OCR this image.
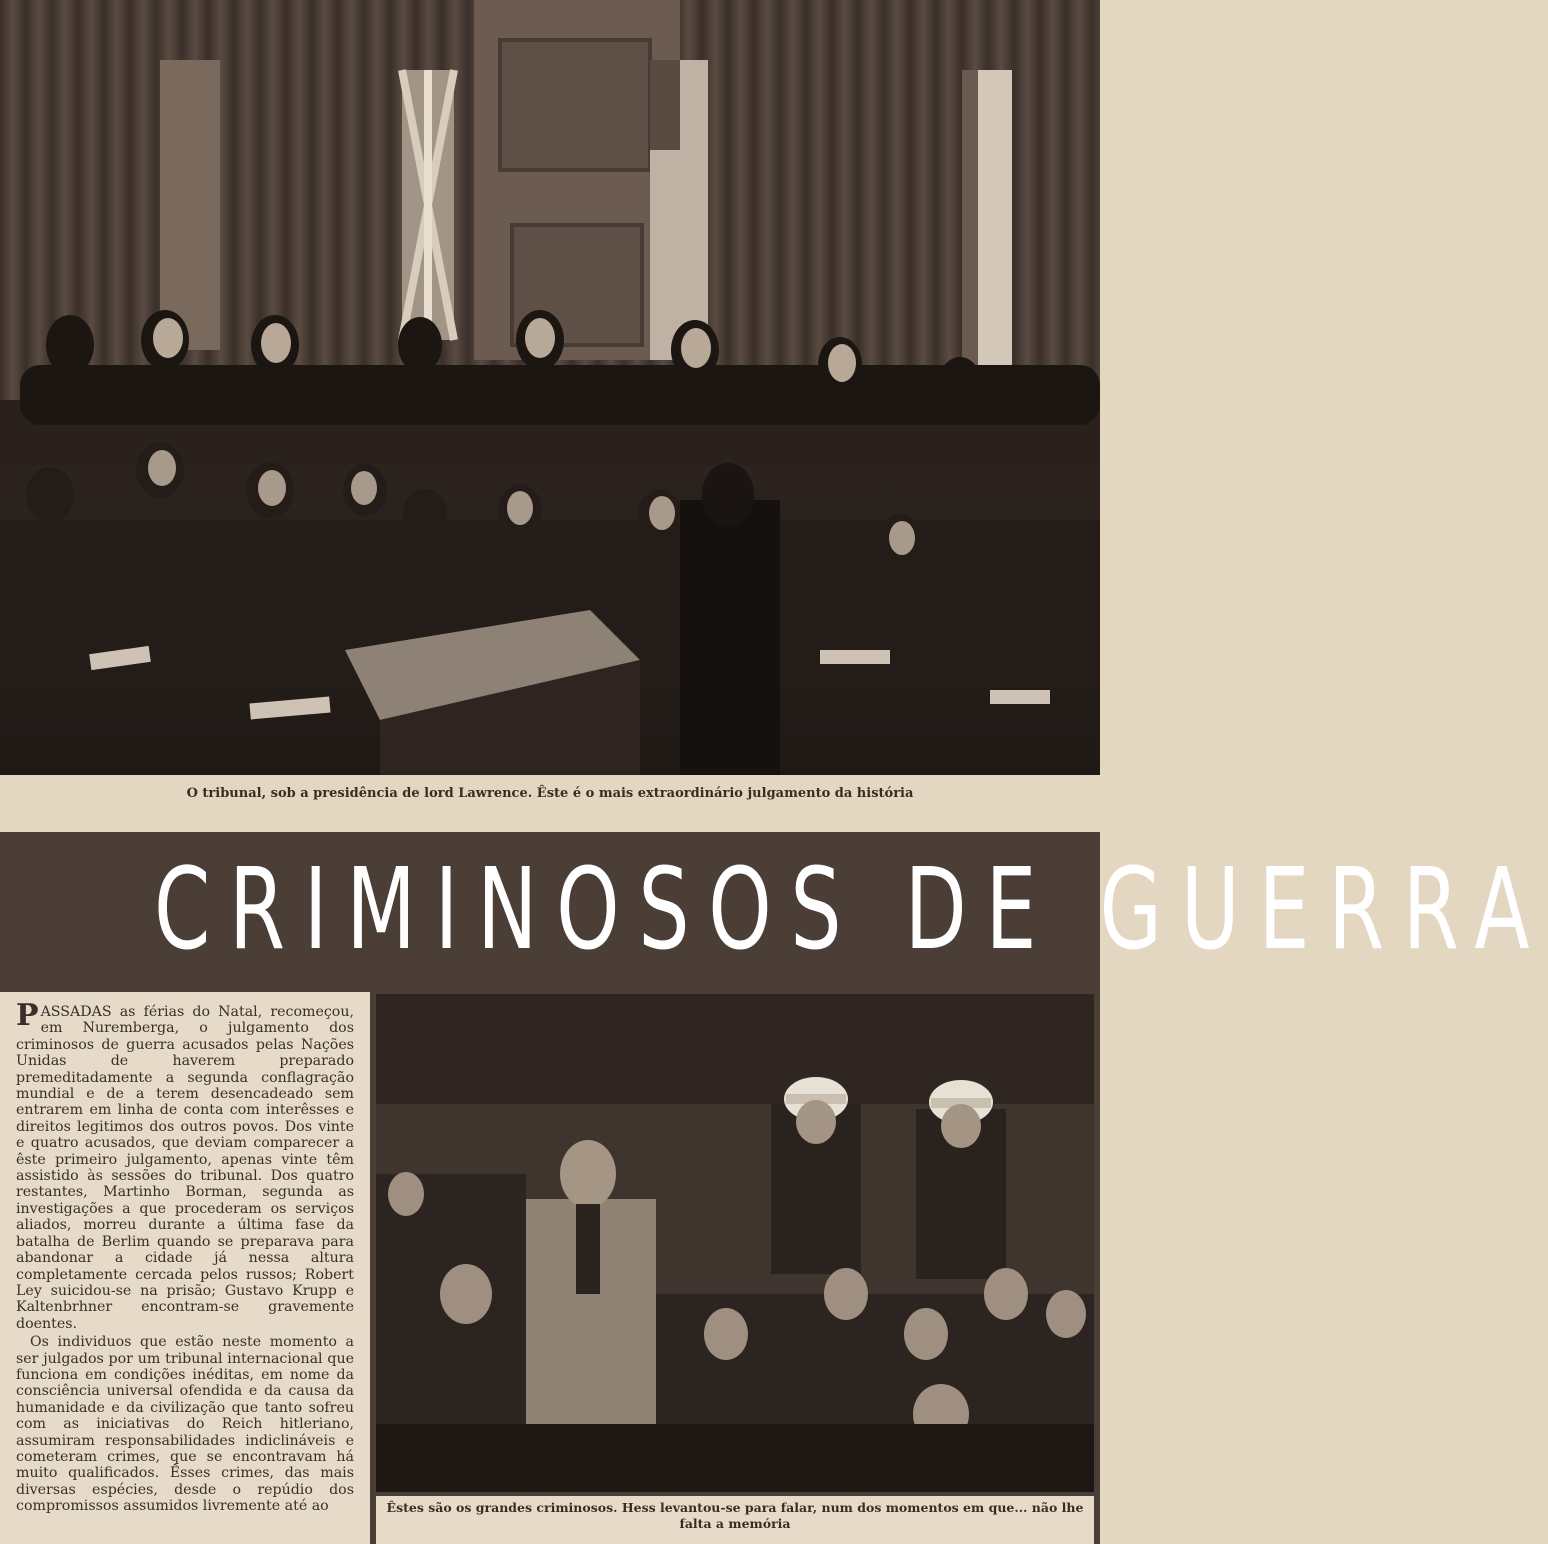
O tribunal, sob a presidência de lord Lawrence. Êste é o mais extraordinário julgamento da história
CRIMINOSOS DE GUERRA

PASSADAS as férias do Natal, recomeçou, em Nuremberga, o julgamento dos criminosos de guerra acusados pelas Nações Unidas de haverem preparado premeditadamente a segunda conflagração mundial e de a terem desencadeado sem entrarem em linha de conta com interêsses e direitos legitimos dos outros povos. Dos vinte e quatro acusados, que deviam comparecer a êste primeiro julgamento, apenas vinte têm assistido às sessões do tribunal. Dos quatro restantes, Martinho Borman, segunda as investigações a que procederam os serviços aliados, morreu durante a última fase da batalha de Berlim quando se preparava para abandonar a cidade já nessa altura completamente cercada pelos russos; Robert Ley suicidou-se na prisão; Gustavo Krupp e Kaltenbrhner encontram-se gravemente doentes.

Os individuos que estão neste momento a ser julgados por um tribunal internacional que funciona em condições inéditas, em nome da consciência universal ofendida e da causa da humanidade e da civilização que tanto sofreu com as iniciativas do Reich hitleriano, assumiram responsabilidades indiclináveis e cometeram crimes, que se encontravam há muito qualificados. Êsses crimes, das mais diversas espécies, desde o repúdio dos compromissos assumidos livremente até ao	Êstes são os grandes criminosos. Hess levantou-se para falar, num dos momentos em que... não lhe
falta a memória
